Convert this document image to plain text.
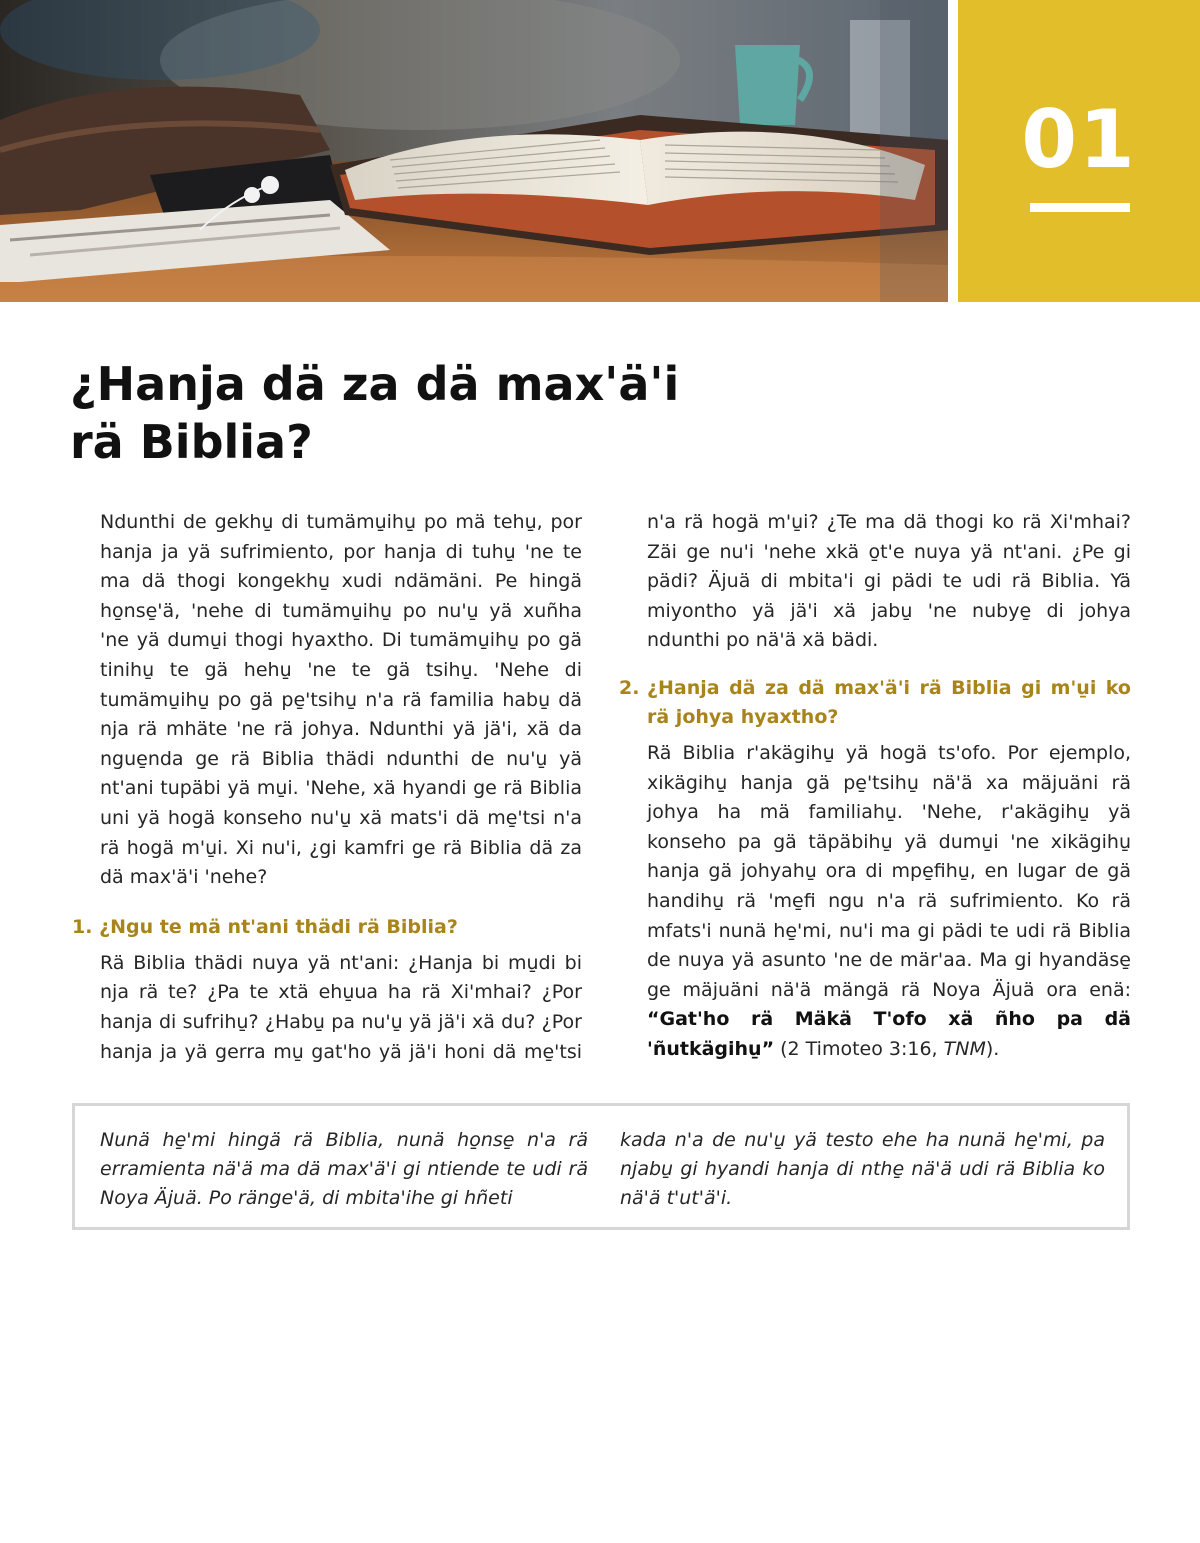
01
¿Hanja dä za dä max'ä'i
rä Biblia?

Ndunthi de gekhu̱ di tumämu̱ihu̱ po mä tehu̱, por hanja ja yä sufrimiento, por hanja di tuhu̱ 'ne te ma dä thogi kongekhu̱ xudi ndämäni. Pe hingä ho̱nse̱'ä, 'nehe di tumämu̱ihu̱ po nu'u̱ yä xuñha 'ne yä dumu̱i thogi hyaxtho. Di tumämu̱ihu̱ po gä tinihu̱ te gä hehu̱ 'ne te gä tsihu̱. 'Nehe di tumämu̱ihu̱ po gä pe̱'tsihu̱ n'a rä familia habu̱ dä nja rä mhäte 'ne rä johya. Ndunthi yä jä'i, xä da ngue̱nda ge rä Biblia thädi ndunthi de nu'u̱ yä nt'ani tupäbi yä mu̱i. 'Nehe, xä hyandi ge rä Biblia uni yä hogä konseho nu'u̱ xä mats'i dä me̱'tsi n'a rä hogä m'u̱i. Xi nu'i, ¿gi kamfri ge rä Biblia dä za dä max'ä'i 'nehe?

1. ¿Ngu te mä nt'ani thädi rä Biblia?

Rä Biblia thädi nuya yä nt'ani: ¿Hanja bi mu̱di bi nja rä te? ¿Pa te xtä ehu̱ua ha rä Xi'mhai? ¿Por hanja di sufrihu̱? ¿Habu̱ pa nu'u̱ yä jä'i xä du? ¿Por hanja ja yä gerra mu̱ gat'ho yä jä'i honi dä me̱'tsi

n'a rä hogä m'u̱i? ¿Te ma dä thogi ko rä Xi'mhai? Zäi ge nu'i 'nehe xkä o̱t'e nuya yä nt'ani. ¿Pe gi pädi? Äjuä di mbita'i gi pädi te udi rä Biblia. Yä miyontho yä jä'i xä jabu̱ 'ne nubye̱ di johya ndunthi po nä'ä xä bädi.

2. ¿Hanja dä za dä max'ä'i rä Biblia gi m'u̱i ko rä johya hyaxtho?

Rä Biblia r'akägihu̱ yä hogä ts'ofo. Por ejemplo, xikägihu̱ hanja gä pe̱'tsihu̱ nä'ä xa mäjuäni rä johya ha mä familiahu̱. 'Nehe, r'akägihu̱ yä konseho pa gä täpäbihu̱ yä dumu̱i 'ne xikägihu̱ hanja gä johyahu̱ ora di mpe̱fihu̱, en lugar de gä handihu̱ rä 'me̱fi ngu n'a rä sufrimiento. Ko rä mfats'i nunä he̱'mi, nu'i ma gi pädi te udi rä Biblia de nuya yä asunto 'ne de mär'aa. Ma gi hyandäse̱ ge mäjuäni nä'ä mängä rä Noya Äjuä ora enä: “Gat'ho rä Mäkä T'ofo xä ñho pa dä 'ñutkägihu̱” (2 Timoteo 3:16, TNM).

Nunä he̱'mi hingä rä Biblia, nunä ho̱nse̱ n'a rä erramienta nä'ä ma dä max'ä'i gi ntiende te udi rä Noya Äjuä. Po ränge'ä, di mbita'ihe gi hñeti

kada n'a de nu'u̱ yä testo ehe ha nunä he̱'mi, pa njabu̱ gi hyandi hanja di nthe̱ nä'ä udi rä Biblia ko nä'ä t'ut'ä'i.
